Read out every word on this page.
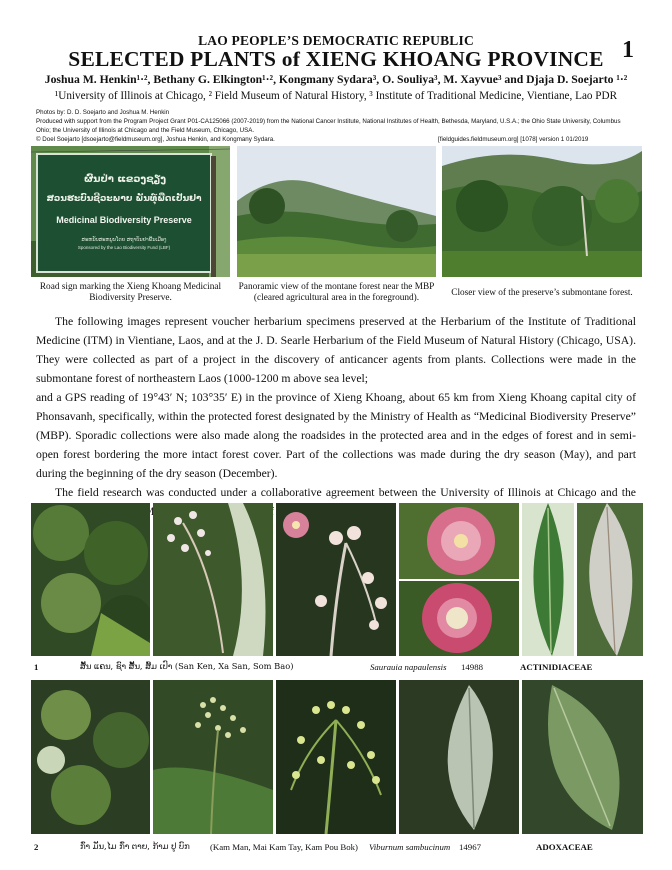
LAO PEOPLE’S DEMOCRATIC REPUBLIC
SELECTED PLANTS of XIENG KHOANG PROVINCE 1
Joshua M. Henkin¹·², Bethany G. Elkington¹·², Kongmany Sydara³, O. Souliya³, M. Xayvue³ and Djaja D. Soejarto ¹·²
¹University of Illinois at Chicago, ² Field Museum of Natural History, ³ Institute of Traditional Medicine, Vientiane, Lao PDR
Photos by: D. D. Soejarto and Joshua M. Henkin
Produced with support from the Program Project Grant P01-CA125066 (2007-2019) from the National Cancer Institute, National Institutes of Health, Bethesda, Maryland, U.S.A.; the Ohio State University, Columbus Ohio; the University of Illinois at Chicago and the Field Museum, Chicago, USA.
© Doel Soejarto [dsoejarto@fieldmuseum.org], Joshua Henkin, and Kongmany Sydara.	[fieldguides.fieldmuseum.org] [1078] version 1 01/2019
ຜົນປ່າ ແຂວງຊຽງ
ສວນຮະບົນຊີວະພາບ ພັນທຸ໌ພືດເປັນຢາ
Medicinal Biodiversity Preserve
ສະຫນັບສະຫນູນໂດຍ ສຖາບັນຢາພື້ນເມືອງ
Sponsored by the Lao Biodiversity Fund (LBF)
Road sign marking the Xieng Khoang Medicinal Biodiversity Preserve.
Panoramic view of the montane forest near the MBP (cleared agricultural area in the foreground).	Closer view of the preserve’s submontane forest.

The following images represent voucher herbarium specimens preserved at the Herbarium of the Institute of Traditional Medicine (ITM) in Vientiane, Laos, and at the J. D. Searle Herbarium of the Field Museum of Natural History (Chicago, USA). They were collected as part of a project in the discovery of anticancer agents from plants. Collections were made in the submontane forest of northeastern Laos (1000-1200 m above sea level;

and a GPS reading of 19°43′ N; 103°35′ E) in the province of Xieng Khoang, about 65 km from Xieng Khoang capital city of Phonsavanh, specifically, within the protected forest designated by the Ministry of Health as “Medicinal Biodiversity Preserve” (MBP). Sporadic collections were also made along the roadsides in the protected area and in the edges of forest and in semi-open forest bordering the more intact forest cover. Part of the collections was made during the dry season (May), and part during the beginning of the dry season (December).

The field research was conducted under a collaborative agreement between the University of Illinois at Chicago and the

1	ສັ້ນ ແຄນ, ຊົາ ສັ້ນ, ສົ້ມ ເປົາ (San Ken, Xa San, Som Bao)	Saurauia napaulensis 14988	ACTINIDIACEAE
2	ກົ່າ ມັນ,ໄມ ກົ່າ ຕາຍ, ກ້າມ ປູ ບົກ (Kam Man, Mai Kam Tay, Kam Pou Bok) Viburnum sambucinum 14967	ADOXACEAE
